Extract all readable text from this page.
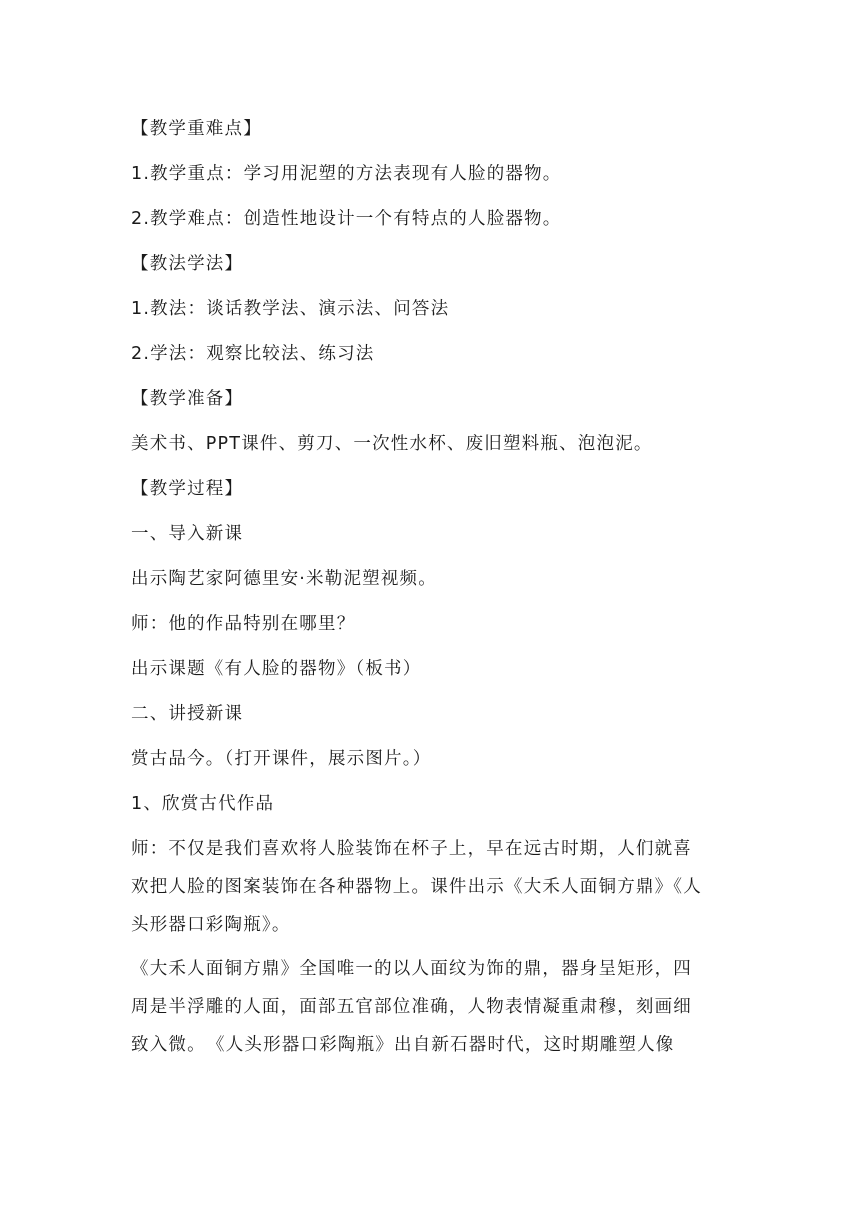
【教学重难点】
1.教学重点：学习用泥塑的方法表现有人脸的器物。
2.教学难点：创造性地设计一个有特点的人脸器物。
【教法学法】
1.教法：谈话教学法、演示法、问答法
2.学法：观察比较法、练习法
【教学准备】
美术书、PPT课件、剪刀、一次性水杯、废旧塑料瓶、泡泡泥。
【教学过程】
一、导入新课
出示陶艺家阿德里安·米勒泥塑视频。
师：他的作品特别在哪里？
出示课题《有人脸的器物》（板书）
二、讲授新课
赏古品今。（打开课件，展示图片。）
1、欣赏古代作品
师：不仅是我们喜欢将人脸装饰在杯子上，早在远古时期，人们就喜
欢把人脸的图案装饰在各种器物上。课件出示《大禾人面铜方鼎》《人
头形器口彩陶瓶》。
《大禾人面铜方鼎》全国唯一的以人面纹为饰的鼎，器身呈矩形，四
周是半浮雕的人面，面部五官部位准确，人物表情凝重肃穆，刻画细
致入微。　《人头形器口彩陶瓶》出自新石器时代，这时期雕塑人像
